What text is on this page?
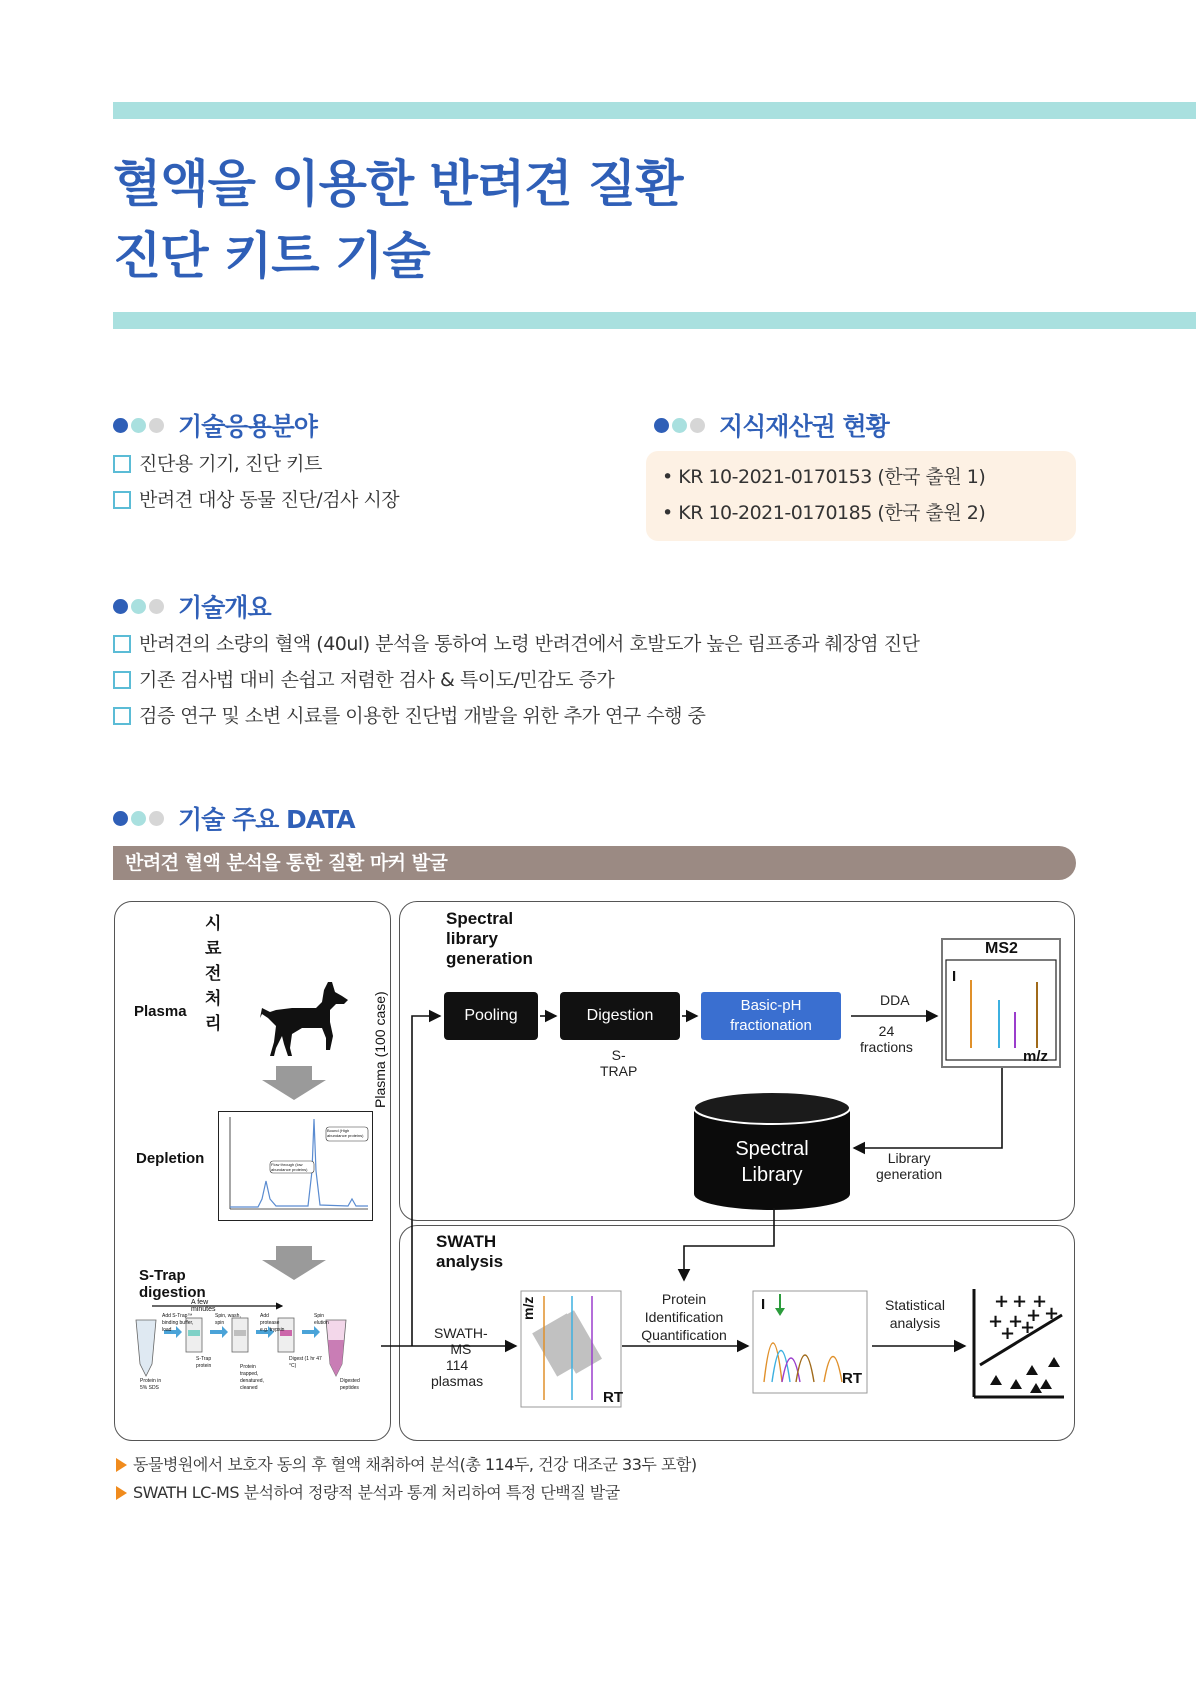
혈액을 이용한 반려견 질환
진단 키트 기술
기술응용분야
진단용 기기, 진단 키트
반려견 대상 동물 진단/검사 시장
지식재산권 현황
• KR 10-2021-0170153 (한국 출원 1)
• KR 10-2021-0170185 (한국 출원 2)
기술개요
반려견의 소량의 혈액 (40ul) 분석을 통하여 노령 반려견에서 호발도가 높은 림프종과 췌장염 진단
기존 검사법 대비 손쉽고 저렴한 검사 & 특이도/민감도 증가
검증 연구 및 소변 시료를 이용한 진단법 개발을 위한 추가 연구 수행 중
기술 주요 DATA
반려견 혈액 분석을 통한 질환 마커 발굴
시료 전처리
Plasma
Depletion
S-Trap digestion
Flow through (low abundance proteins)
Bound (High abundance proteins)
A few minutes
Add S-Trap™ binding buffer, load
Spin, wash, spin
Add protease e.g. trypsin
Spin elution
Protein in 5% SDS
S-Trap protein	Protein trapped, denatured, cleaned
Digest (1 hr 47 °C)
Digested peptides
Spectral library generation
Pooling	Digestion
S-TRAP
Basic-pH fractionation
DDA
24 fractions
Library generation
MS2
I
m/z
Spectral Library
Plasma (100 case)
SWATH analysis
SWATH-MS
114 plasmas
m/z
RT
Protein Identification Quantification
I
RT
Statistical analysis
+ + +
+ + + +
+ +
동물병원에서 보호자 동의 후 혈액 채취하여 분석(총 114두, 건강 대조군 33두 포함)
SWATH LC-MS 분석하여 정량적 분석과 통계 처리하여 특정 단백질 발굴
